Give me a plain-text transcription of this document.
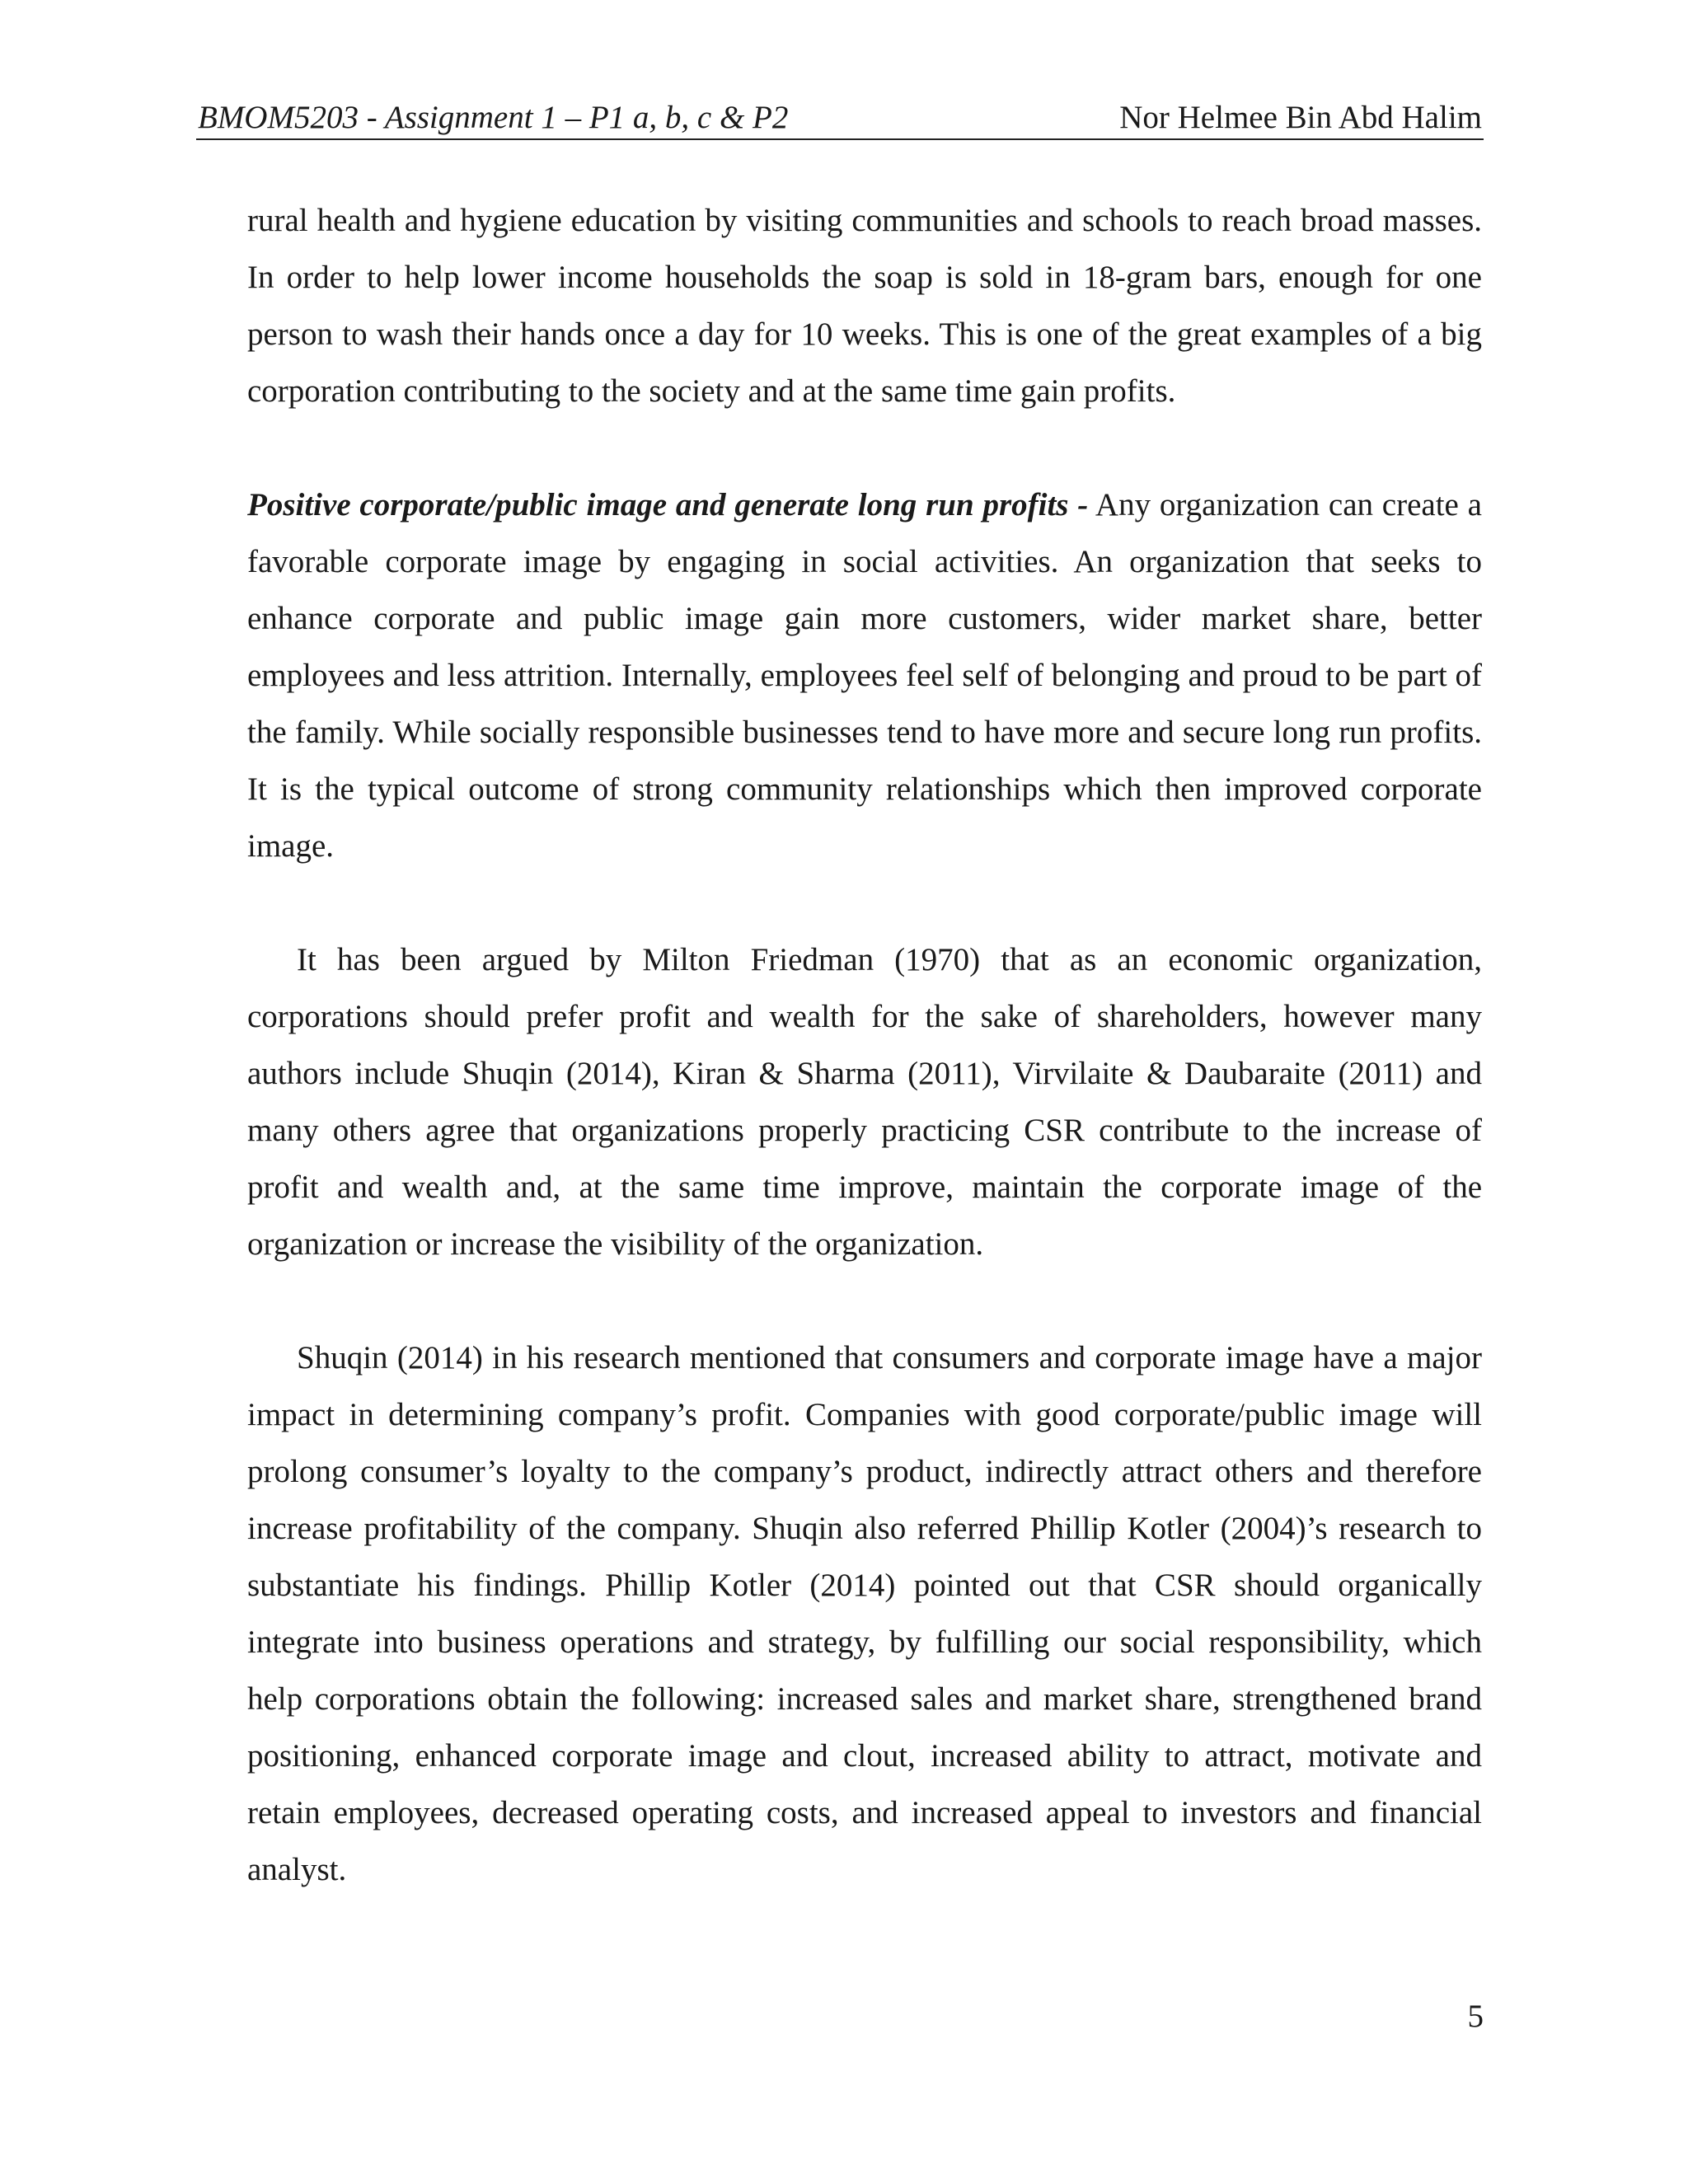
BMOM5203 - Assignment 1 – P1 a, b, c & P2	Nor Helmee Bin Abd Halim

rural health and hygiene education by visiting communities and schools to reach broad masses. In order to help lower income households the soap is sold in 18-gram bars, enough for one person to wash their hands once a day for 10 weeks. This is one of the great examples of a big corporation contributing to the society and at the same time gain profits.

Positive corporate/public image and generate long run profits - Any organization can create a favorable corporate image by engaging in social activities. An organization that seeks to enhance corporate and public image gain more customers, wider market share, better employees and less attrition. Internally, employees feel self of belonging and proud to be part of the family. While socially responsible businesses tend to have more and secure long run profits. It is the typical outcome of strong community relationships which then improved corporate image.

It has been argued by Milton Friedman (1970) that as an economic organization, corporations should prefer profit and wealth for the sake of shareholders, however many authors include Shuqin (2014), Kiran & Sharma (2011), Virvilaite & Daubaraite (2011) and many others agree that organizations properly practicing CSR contribute to the increase of profit and wealth and, at the same time improve, maintain the corporate image of the organization or increase the visibility of the organization.

Shuqin (2014) in his research mentioned that consumers and corporate image have a major impact in determining company’s profit. Companies with good corporate/public image will prolong consumer’s loyalty to the company’s product, indirectly attract others and therefore increase profitability of the company. Shuqin also referred Phillip Kotler (2004)’s research to substantiate his findings. Phillip Kotler (2014) pointed out that CSR should organically integrate into business operations and strategy, by fulfilling our social responsibility, which help corporations obtain the following: increased sales and market share, strengthened brand positioning, enhanced corporate image and clout, increased ability to attract, motivate and retain employees, decreased operating costs, and increased appeal to investors and financial analyst.

5
